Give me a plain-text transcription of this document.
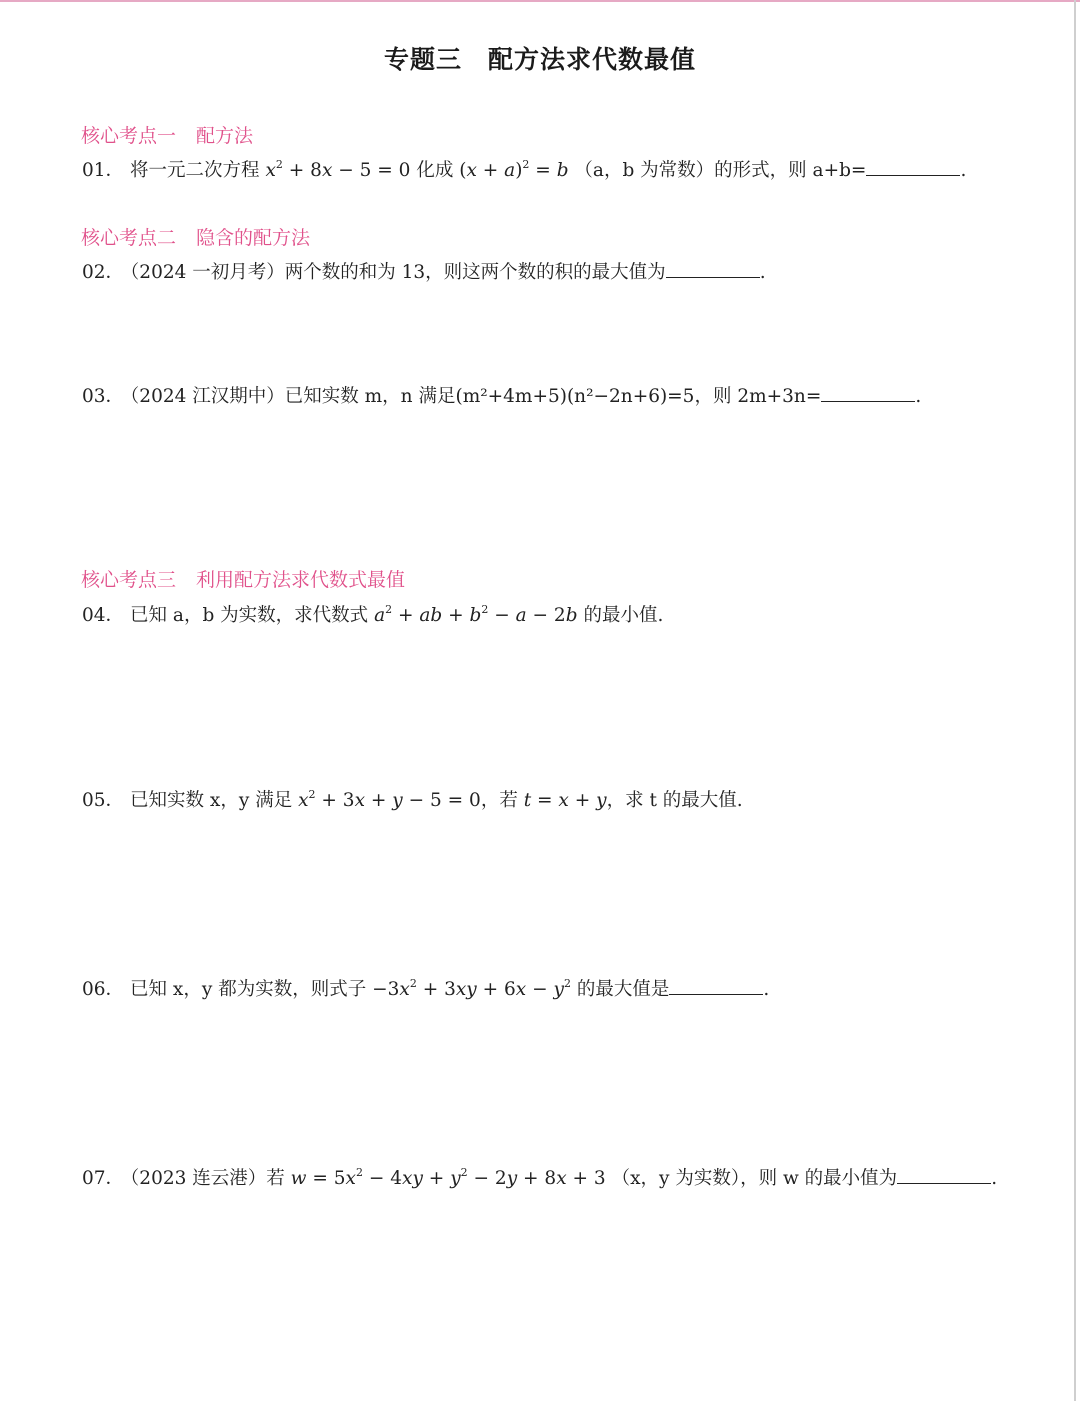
专题三　配方法求代数最值
核心考点一 配方法
01． 将一元二次方程 $x^2 + 8x - 5 = 0$ 化成 $(x + a)^2 = b$ （a，b 为常数）的形式，则 a+b=	.
核心考点二 隐含的配方法
02． （2024 一初月考）两个数的和为 13，则这两个数的积的最大值为	.
03． （2024 江汉期中）已知实数 m，n 满足(m²+4m+5)(n²−2n+6)=5，则 2m+3n=	.
核心考点三 利用配方法求代数式最值
04． 已知 a，b 为实数，求代数式 $a^2$ + ab + $b^2 - a - 2b$ 的最小值.
05． 已知实数 x，y 满足 $x^2 + 3x + y - 5 = 0$，若 t = x + y，求 t 的最大值.
06． 已知 x，y 都为实数，则式子 $-3x^2 + 3xy + 6x - y^2$ 的最大值是	.
07． （2023 连云港）若 $w = 5x^2 - 4xy + y^2 - 2y + 8x + 3$ （x，y 为实数），则 w 的最小值为	.
